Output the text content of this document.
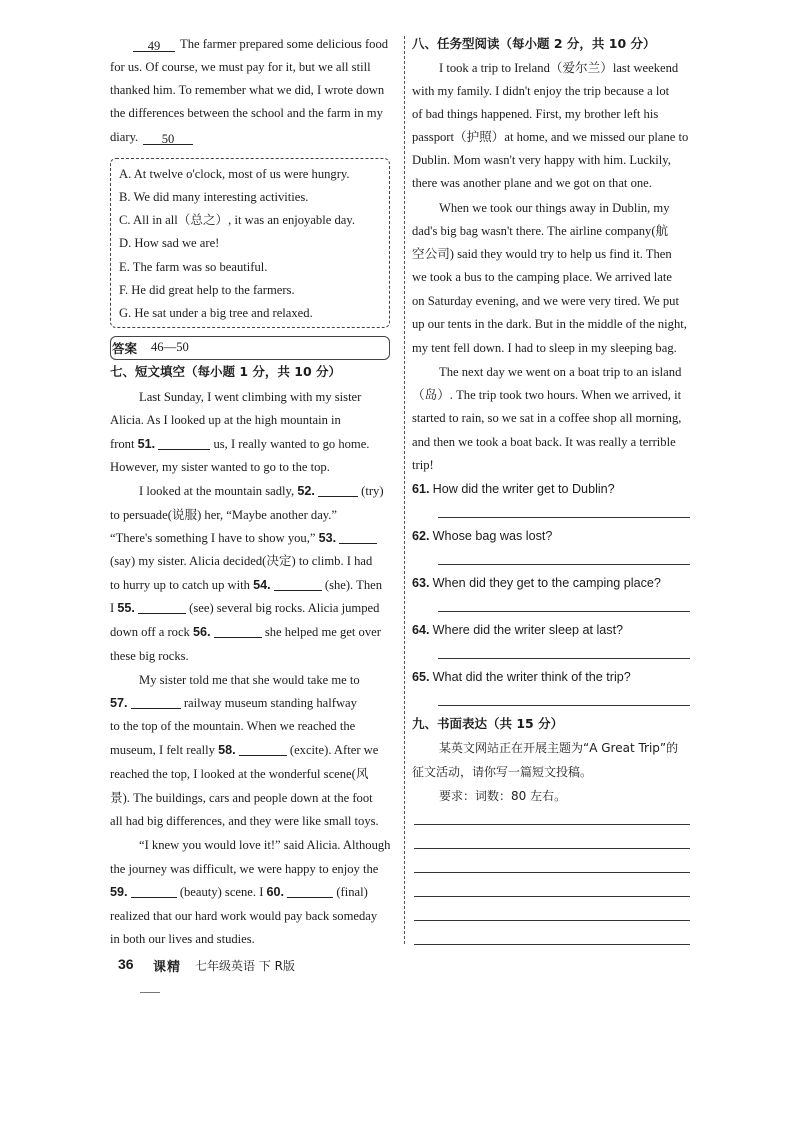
49	The farmer prepared some delicious food
for us. Of course, we must pay for it, but we all still
thanked him. To remember what we did, I wrote down
the differences between the school and the farm in my
diary.	50
A. At twelve o'clock, most of us were hungry.
B. We did many interesting activities.
C. All in all（总之）, it was an enjoyable day.
D. How sad we are!
E. The farm was so beautiful.
F. He did great help to the farmers.
G. He sat under a big tree and relaxed.
答案 46—50
七、短文填空（每小题 1 分，共 10 分）
Last Sunday, I went climbing with my sister
Alicia. As I looked up at the high mountain in
front 51.	us, I really wanted to go home.
However, my sister wanted to go to the top.
I looked at the mountain sadly, 52.	(try)
to persuade(说服) her, “Maybe another day.”
“There's something I have to show you,” 53.
(say) my sister. Alicia decided(决定) to climb. I had
to hurry up to catch up with 54.	(she). Then
I 55.	(see) several big rocks. Alicia jumped
down off a rock 56.	she helped me get over
these big rocks.
My sister told me that she would take me to
57.	railway museum standing halfway
to the top of the mountain. When we reached the
museum, I felt really 58.	(excite). After we
reached the top, I looked at the wonderful scene(风
景). The buildings, cars and people down at the foot
all had big differences, and they were like small toys.
“I knew you would love it!” said Alicia. Although
the journey was difficult, we were happy to enjoy the
59.	(beauty) scene. I 60.	(final)
realized that our hard work would pay back someday
in both our lives and studies.
八、任务型阅读（每小题 2 分，共 10 分）
I took a trip to Ireland（爱尔兰）last weekend
with my family. I didn't enjoy the trip because a lot
of bad things happened. First, my brother left his
passport（护照）at home, and we missed our plane to
Dublin. Mom wasn't very happy with him. Luckily,
there was another plane and we got on that one.
When we took our things away in Dublin, my
dad's big bag wasn't there. The airline company(航
空公司) said they would try to help us find it. Then
we took a bus to the camping place. We arrived late
on Saturday evening, and we were very tired. We put
up our tents in the dark. But in the middle of the night,
my tent fell down. I had to sleep in my sleeping bag.
The next day we went on a boat trip to an island
（岛）. The trip took two hours. When we arrived, it
started to rain, so we sat in a coffee shop all morning,
and then we took a boat back. It was really a terrible
trip!
61. How did the writer get to Dublin?
62. Whose bag was lost?
63. When did they get to the camping place?
64. Where did the writer sleep at last?
65. What did the writer think of the trip?
九、书面表达（共 15 分）
某英文网站正在开展主题为“A Great Trip”的
征文活动，请你写一篇短文投稿。
要求：词数：80 左右。
36 课精 七年级英语 下 R版
